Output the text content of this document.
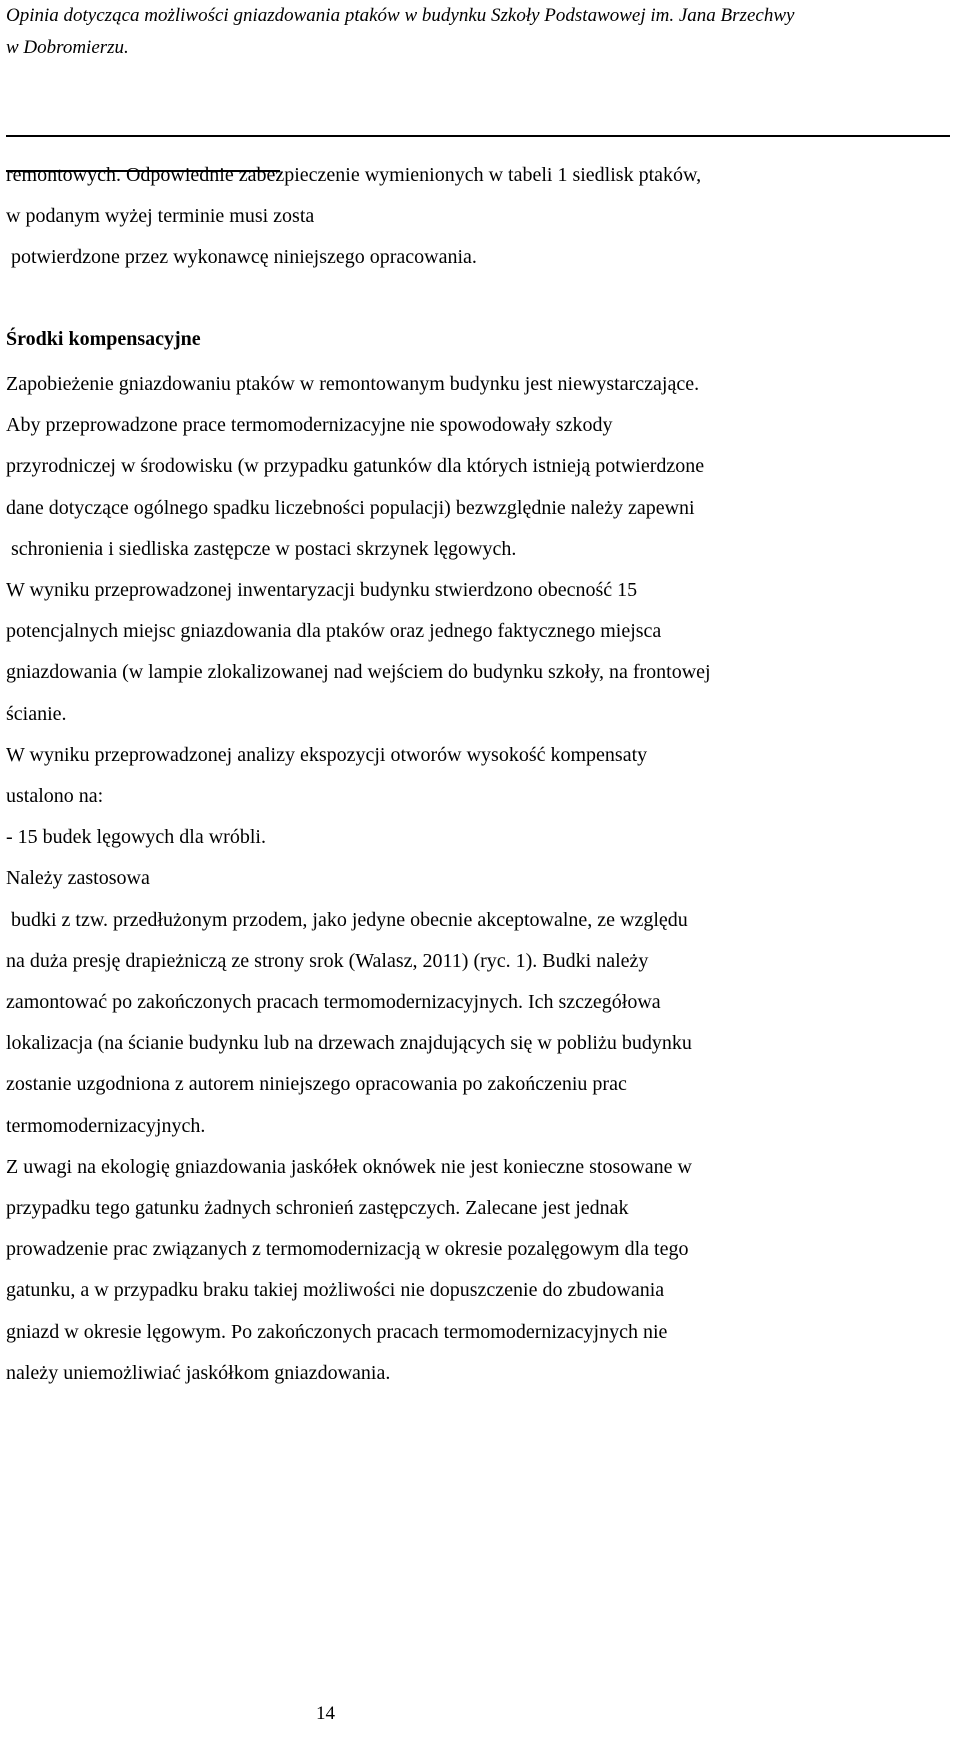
Opinia dotycząca możliwości gniazdowania ptaków w budynku Szkoły Podstawowej im. Jana Brzechwy
w Dobromierzu.
remontowych. Odpowiednie zabezpieczenie wymienionych w tabeli 1 siedlisk ptaków,
w podanym wyżej terminie musi zosta
potwierdzone przez wykonawcę niniejszego opracowania.
Środki kompensacyjne
Zapobieżenie gniazdowaniu ptaków w remontowanym budynku jest niewystarczające.
Aby przeprowadzone prace termomodernizacyjne nie spowodowały szkody
przyrodniczej w środowisku (w przypadku gatunków dla których istnieją potwierdzone
dane dotyczące ogólnego spadku liczebności populacji) bezwzględnie należy zapewni
schronienia i siedliska zastępcze w postaci skrzynek lęgowych.
W wyniku przeprowadzonej inwentaryzacji budynku stwierdzono obecność 15
potencjalnych miejsc gniazdowania dla ptaków oraz jednego faktycznego miejsca
gniazdowania (w lampie zlokalizowanej nad wejściem do budynku szkoły, na frontowej
ścianie.
W wyniku przeprowadzonej analizy ekspozycji otworów wysokość kompensaty
ustalono na:
- 15 budek lęgowych dla wróbli.
Należy zastosowa
budki z tzw. przedłużonym przodem, jako jedyne obecnie akceptowalne, ze względu
na duża presję drapieżniczą ze strony srok (Walasz, 2011) (ryc. 1). Budki należy
zamontować po zakończonych pracach termomodernizacyjnych. Ich szczegółowa
lokalizacja (na ścianie budynku lub na drzewach znajdujących się w pobliżu budynku
zostanie uzgodniona z autorem niniejszego opracowania po zakończeniu prac
termomodernizacyjnych.
Z uwagi na ekologię gniazdowania jaskółek oknówek nie jest konieczne stosowane w
przypadku tego gatunku żadnych schronień zastępczych. Zalecane jest jednak
prowadzenie prac związanych z termomodernizacją w okresie pozalęgowym dla tego
gatunku, a w przypadku braku takiej możliwości nie dopuszczenie do zbudowania
gniazd w okresie lęgowym. Po zakończonych pracach termomodernizacyjnych nie
należy uniemożliwiać jaskółkom gniazdowania.
14
